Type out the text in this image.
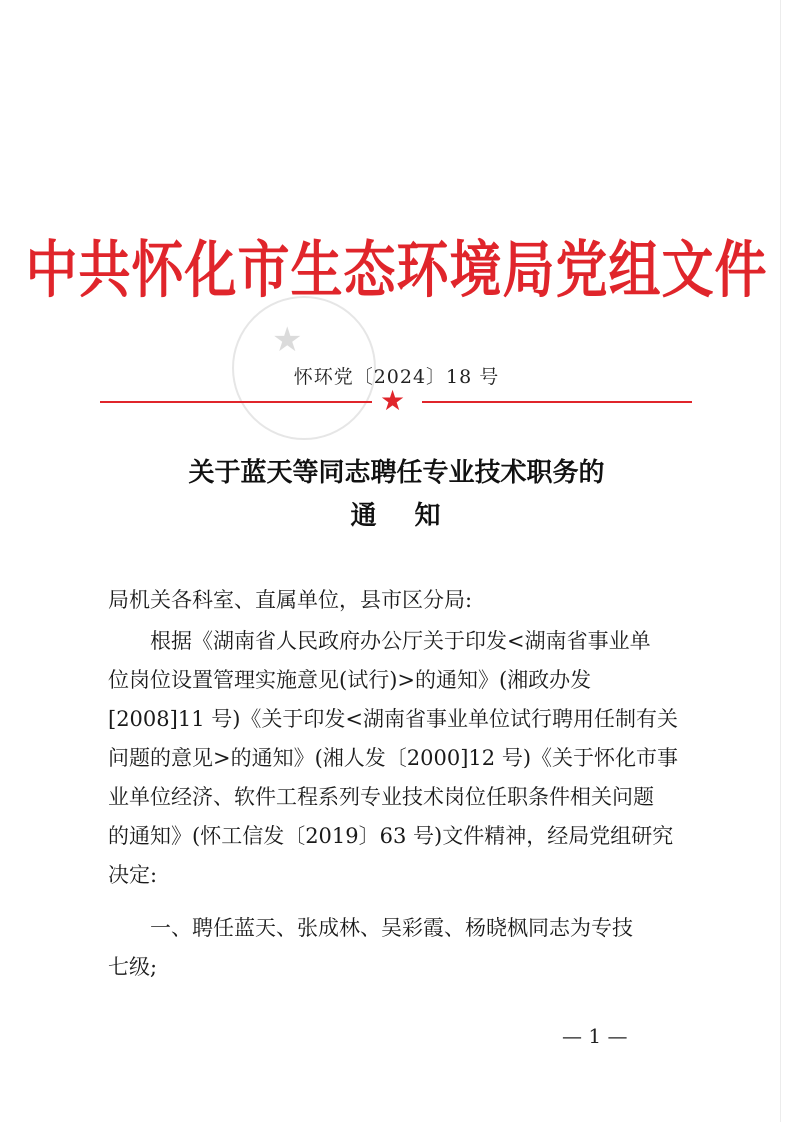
★
中共怀化市生态环境局党组文件
怀环党〔2024〕18 号
★
关于蓝天等同志聘任专业技术职务的
通 知
局机关各科室、直属单位，县市区分局:
　　根据《湖南省人民政府办公厅关于印发<湖南省事业单
位岗位设置管理实施意见(试行)>的通知》(湘政办发
[2008]11 号)《关于印发<湖南省事业单位试行聘用任制有关
问题的意见>的通知》(湘人发〔2000]12 号)《关于怀化市事
业单位经济、软件工程系列专业技术岗位任职条件相关问题
的通知》(怀工信发〔2019〕63 号)文件精神，经局党组研究
决定:
　　一、聘任蓝天、张成林、吴彩霞、杨晓枫同志为专技
七级;
— 1 —
